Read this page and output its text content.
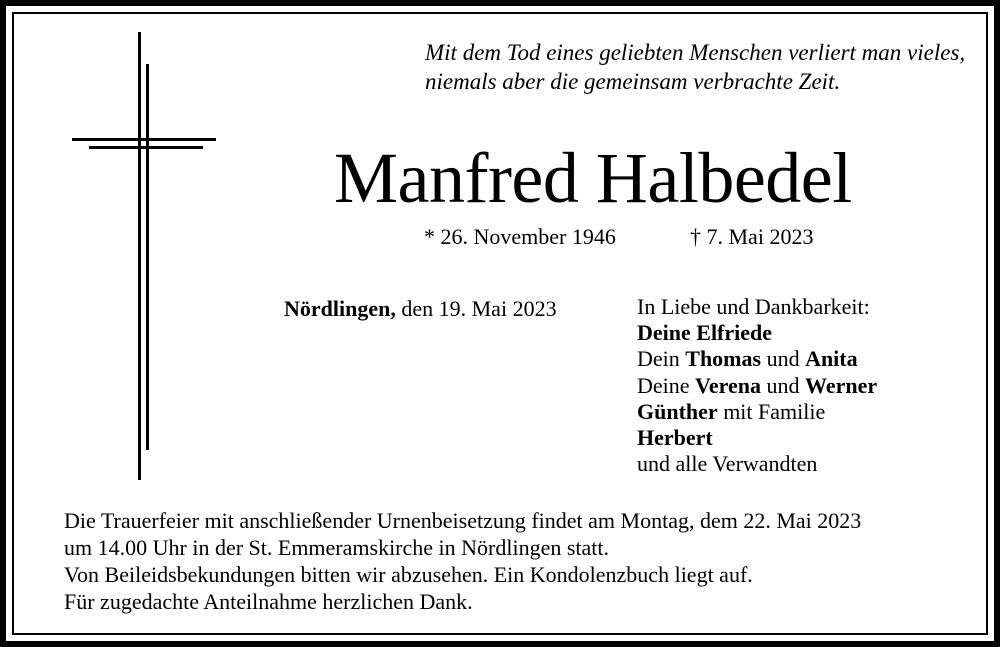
Mit dem Tod eines geliebten Menschen verliert man vieles,
niemals aber die gemeinsam verbrachte Zeit.
Manfred Halbedel
* 26. November 1946	† 7. Mai 2023
Nördlingen, den 19. Mai 2023	In Liebe und Dankbarkeit:
Deine Elfriede
Dein Thomas und Anita
Deine Verena und Werner
Günther mit Familie
Herbert
und alle Verwandten
Die Trauerfeier mit anschließender Urnenbeisetzung findet am Montag, dem 22. Mai 2023
um 14.00 Uhr in der St. Emmeramskirche in Nördlingen statt.
Von Beileidsbekundungen bitten wir abzusehen. Ein Kondolenzbuch liegt auf.
Für zugedachte Anteilnahme herzlichen Dank.
